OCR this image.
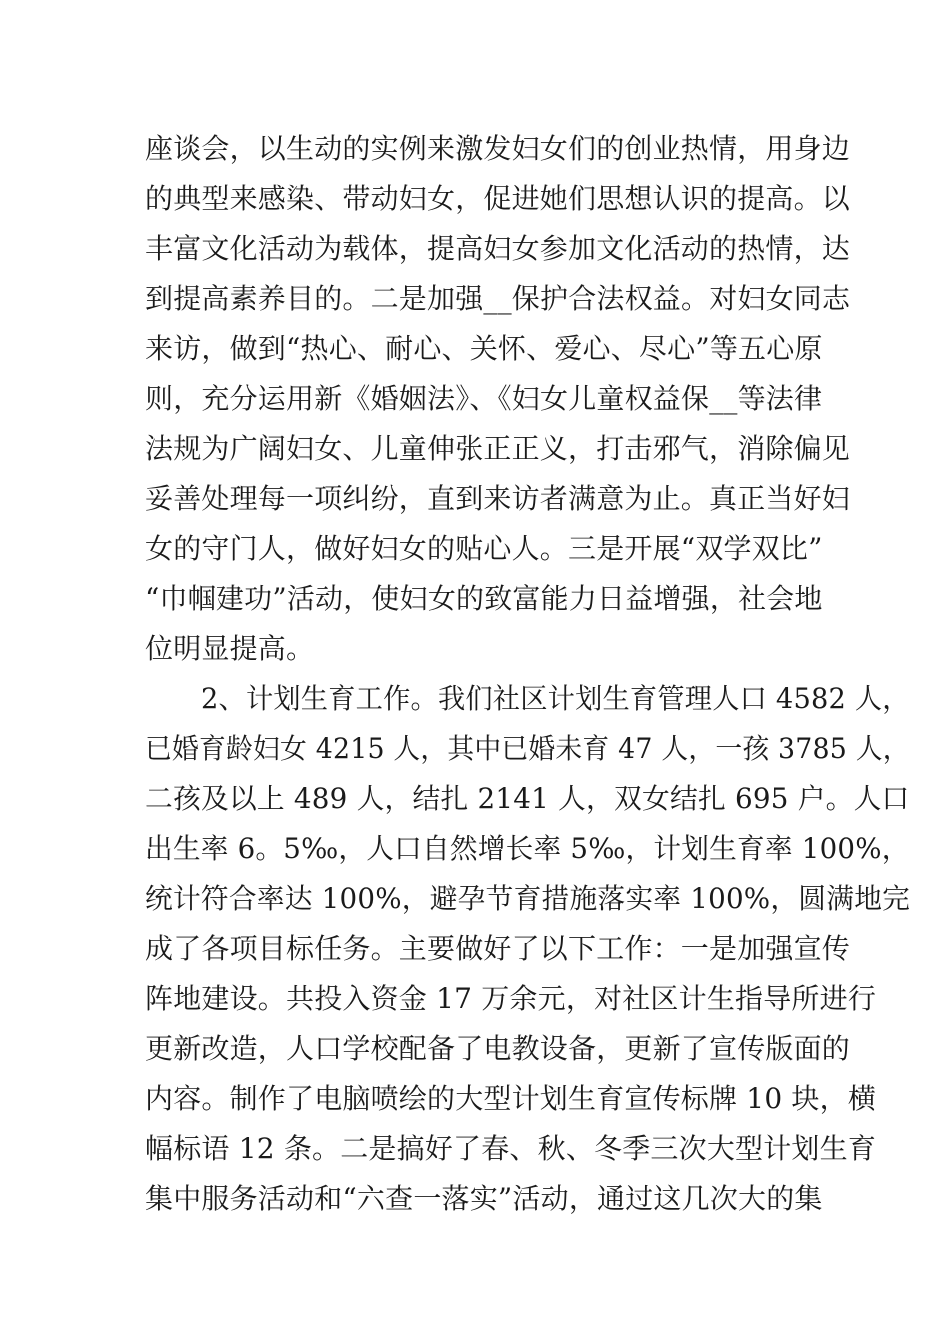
座谈会，以生动的实例来激发妇女们的创业热情，用身边
的典型来感染、带动妇女，促进她们思想认识的提高。以
丰富文化活动为载体，提高妇女参加文化活动的热情，达
到提高素养目的。二是加强__保护合法权益。对妇女同志
来访，做到“热心、耐心、关怀、爱心、尽心”等五心原
则，充分运用新《婚姻法》、《妇女儿童权益保__等法律
法规为广阔妇女、儿童伸张正正义，打击邪气，消除偏见
妥善处理每一项纠纷，直到来访者满意为止。真正当好妇
女的守门人，做好妇女的贴心人。三是开展“双学双比”
“巾帼建功”活动，使妇女的致富能力日益增强，社会地
位明显提高。
2、计划生育工作。我们社区计划生育管理人口 4582 人，
已婚育龄妇女 4215 人，其中已婚未育 47 人，一孩 3785 人，
二孩及以上 489 人，结扎 2141 人，双女结扎 695 户。人口
出生率 6。5‰，人口自然增长率 5‰，计划生育率 100%，
统计符合率达 100%，避孕节育措施落实率 100%，圆满地完
成了各项目标任务。主要做好了以下工作：一是加强宣传
阵地建设。共投入资金 17 万余元，对社区计生指导所进行
更新改造，人口学校配备了电教设备，更新了宣传版面的
内容。制作了电脑喷绘的大型计划生育宣传标牌 10 块，横
幅标语 12 条。二是搞好了春、秋、冬季三次大型计划生育
集中服务活动和“六查一落实”活动，通过这几次大的集
